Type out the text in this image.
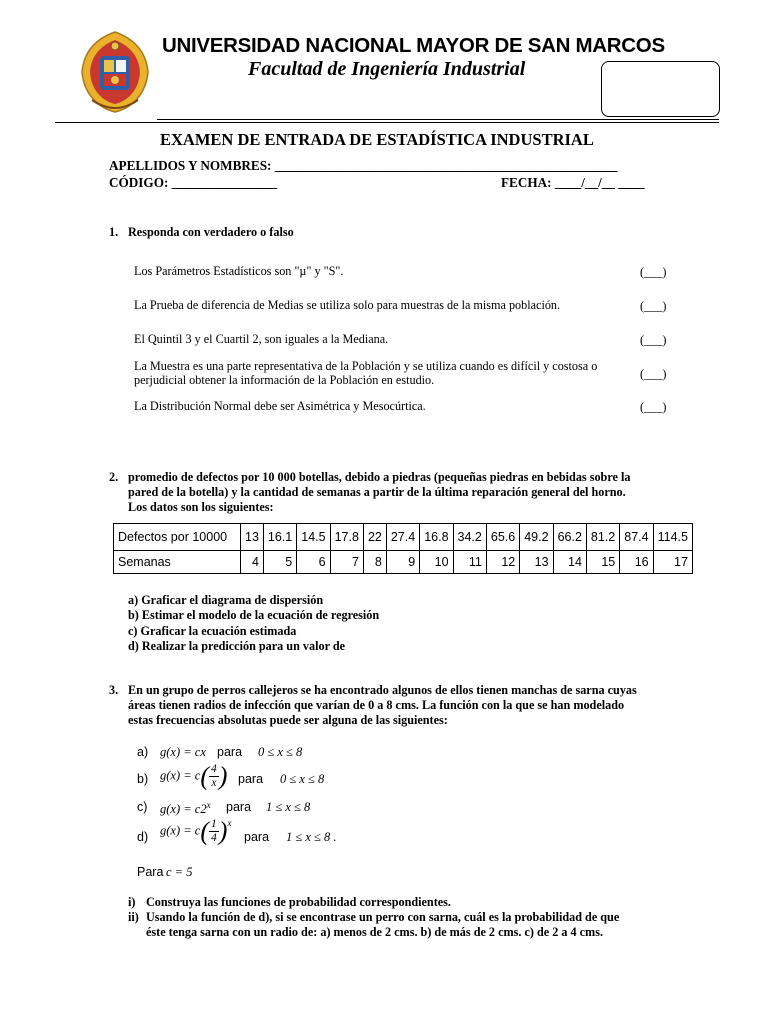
UNIVERSIDAD NACIONAL MAYOR DE SAN MARCOS
Facultad de Ingeniería Industrial
EXAMEN DE ENTRADA DE ESTADÍSTICA INDUSTRIAL
APELLIDOS Y NOMBRES: ____________________________________________________
CÓDIGO: ________________	FECHA: ____/__/__ ____
1. Responda con verdadero o falso
Los Parámetros Estadísticos son "µ" y "S".	(___)
La Prueba de diferencia de Medias se utiliza solo para muestras de la misma población.	(___)
El Quintil 3 y el Cuartil 2, son iguales a la Mediana.	(___)
La Muestra es una parte representativa de la Población y se utiliza cuando es difícil y costosa o perjudicial obtener la información de la Población en estudio.	(___)
La Distribución Normal debe ser Asimétrica y Mesocúrtica.	(___)
2. promedio de defectos por 10 000 botellas, debido a piedras (pequeñas piedras en bebidas sobre la
pared de la botella) y la cantidad de semanas a partir de la última reparación general del horno.
Los datos son los siguientes:
Defectos por 10000	13	16.1	14.5	17.8	22	27.4	16.8	34.2	65.6	49.2	66.2	81.2	87.4	114.5
Semanas	4	5	6	7	8	9	10	11	12	13	14	15	16	17
a) Graficar el diagrama de dispersión
b) Estimar el modelo de la ecuación de regresión
c) Graficar la ecuación estimada
d) Realizar la predicción para un valor de
3. En un grupo de perros callejeros se ha encontrado algunos de ellos tienen manchas de sarna cuyas
áreas tienen radios de infección que varían de 0 a 8 cms. La función con la que se han modelado
estas frecuencias absolutas puede ser alguna de las siguientes:
a) g(x) = cx para 0 ≤ x ≤ 8
b) $g(x) = c( \frac{4}{x}$ ) para 0 ≤ x ≤ 8
c) $g(x) = c2^x$ para 1 ≤ x ≤ 8
d) $g(x) = c( \frac{1}{4} )^x$
para 1 ≤ x ≤ 8 .
Para c = 5
i) Construya las funciones de probabilidad correspondientes.
ii) Usando la función de d), si se encontrase un perro con sarna, cuál es la probabilidad de que
éste tenga sarna con un radio de: a) menos de 2 cms. b) de más de 2 cms. c) de 2 a 4 cms.
